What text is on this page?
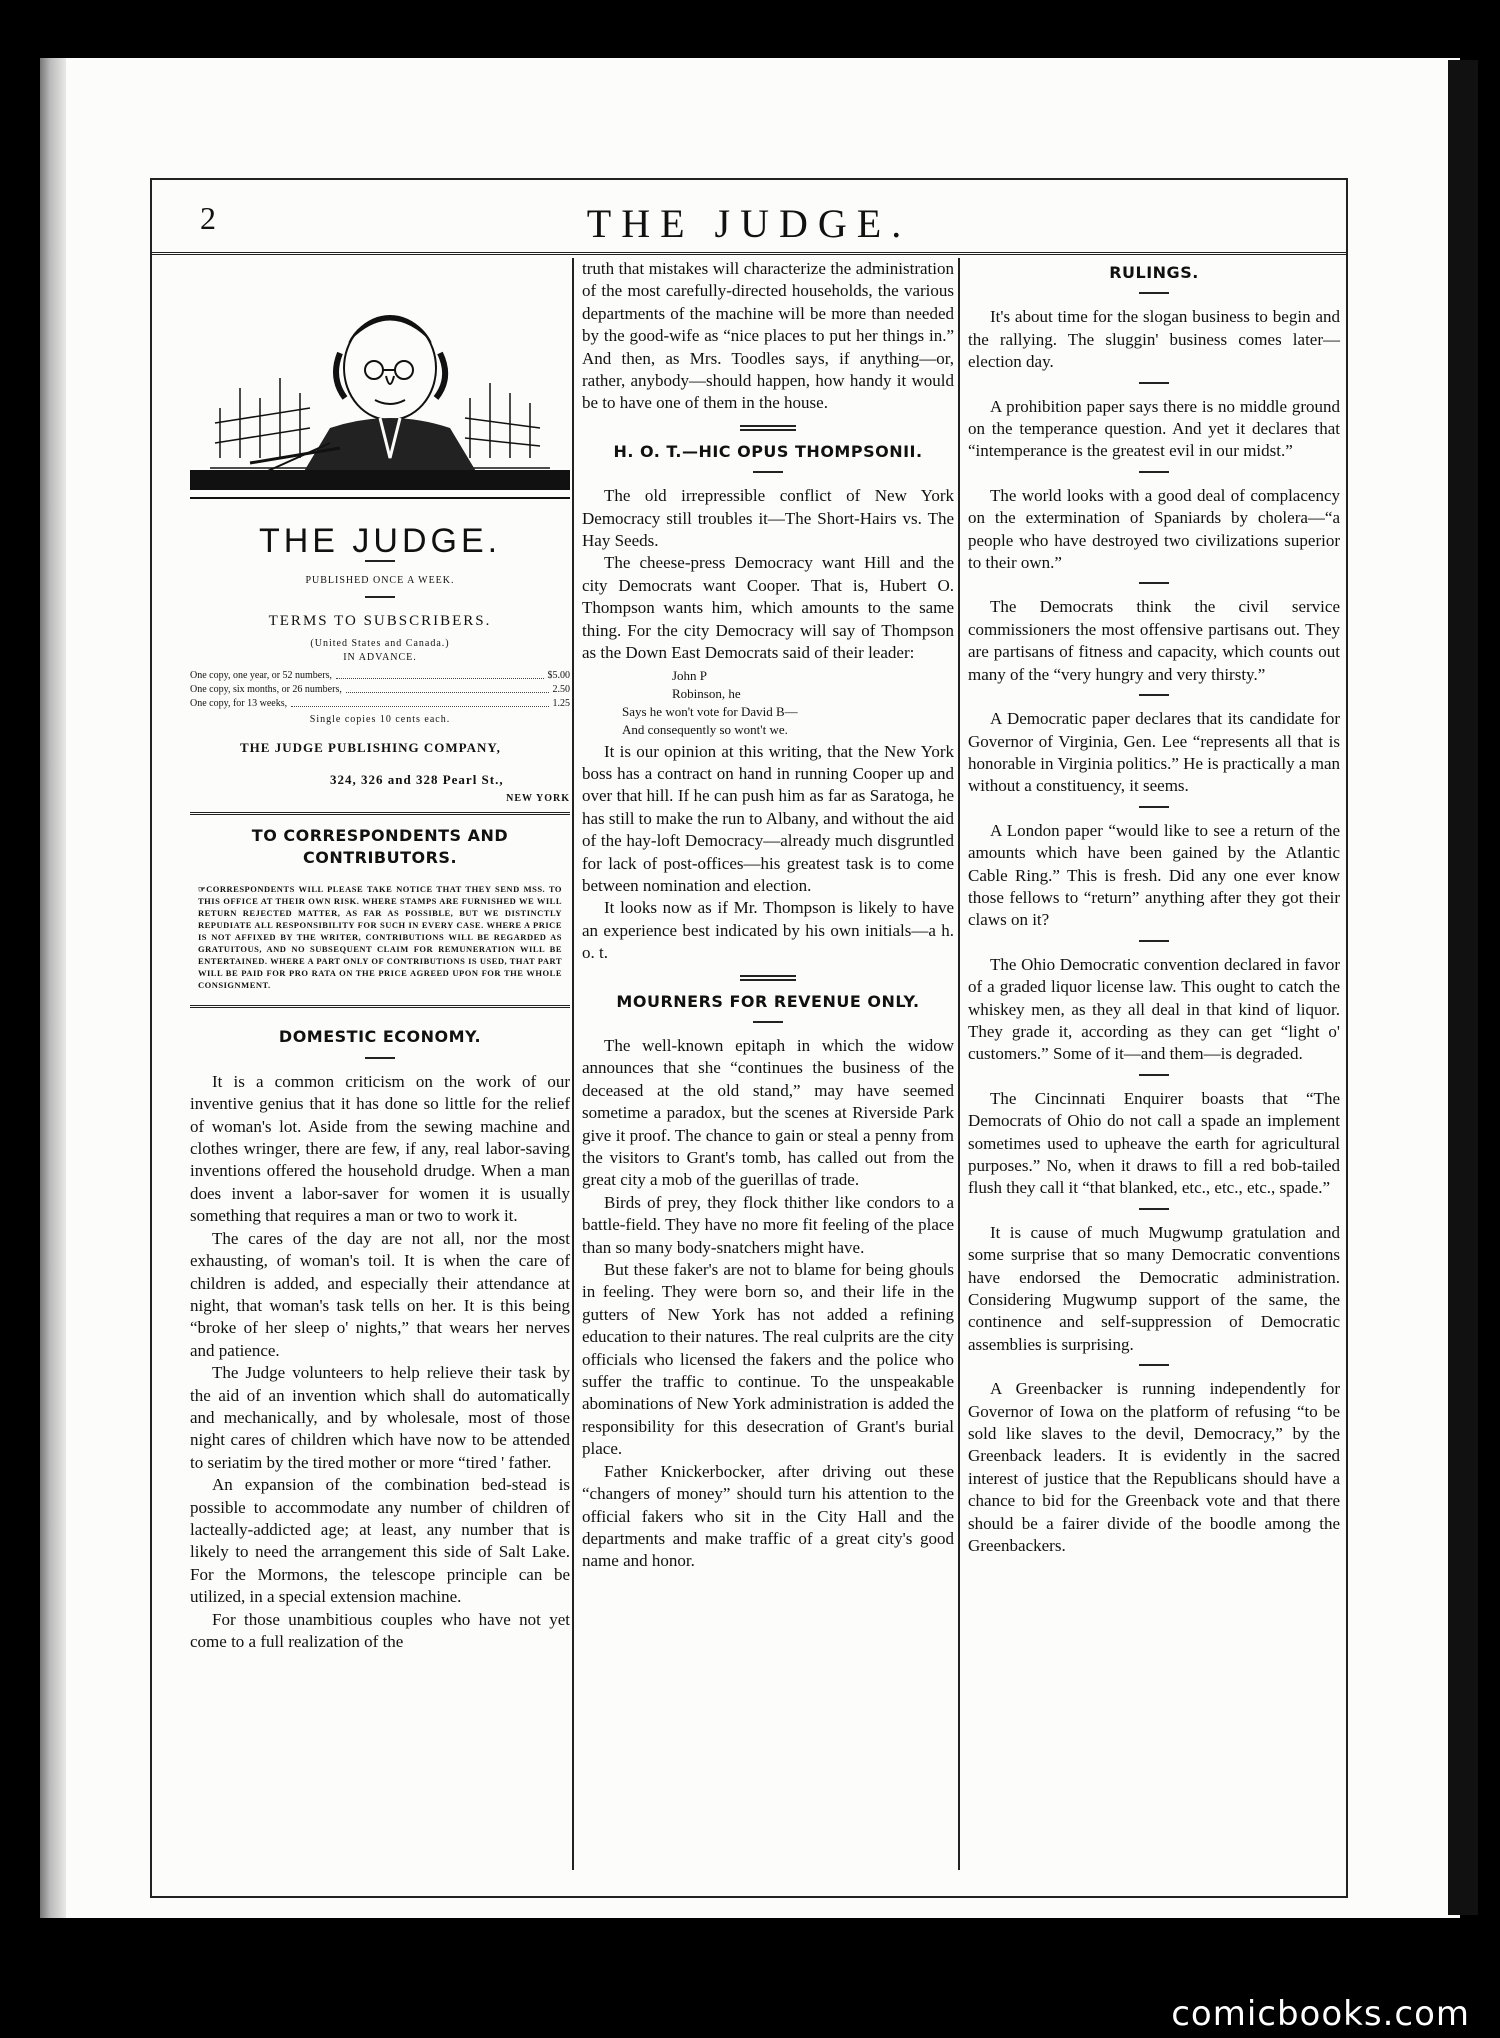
2	THE JUDGE.
THE JUDGE.
PUBLISHED ONCE A WEEK.
TERMS TO SUBSCRIBERS.
(United States and Canada.)
IN ADVANCE.
One copy, one year, or 52 numbers,	$5.00
One copy, six months, or 26 numbers,	2.50
One copy, for 13 weeks,	1.25
Single copies 10 cents each.
THE JUDGE PUBLISHING COMPANY,
324, 326 and 328 Pearl St.,
NEW YORK
TO CORRESPONDENTS AND CONTRIBUTORS.
☞CORRESPONDENTS WILL PLEASE TAKE NOTICE THAT THEY SEND MSS. TO THIS OFFICE AT THEIR OWN RISK. WHERE STAMPS ARE FURNISHED WE WILL RETURN REJECTED MATTER, AS FAR AS POSSIBLE, BUT WE DISTINCTLY REPUDIATE ALL RESPONSIBILITY FOR SUCH IN EVERY CASE. WHERE A PRICE IS NOT AFFIXED BY THE WRITER, CONTRIBUTIONS WILL BE REGARDED AS GRATUITOUS, AND NO SUBSEQUENT CLAIM FOR REMUNERATION WILL BE ENTERTAINED. WHERE A PART ONLY OF CONTRIBUTIONS IS USED, THAT PART WILL BE PAID FOR PRO RATA ON THE PRICE AGREED UPON FOR THE WHOLE CONSIGNMENT.
DOMESTIC ECONOMY.

It is a common criticism on the work of our inventive genius that it has done so little for the relief of woman's lot. Aside from the sewing machine and clothes wringer, there are few, if any, real labor-saving inventions offered the household drudge. When a man does invent a labor-saver for women it is usually something that requires a man or two to work it.

The cares of the day are not all, nor the most exhausting, of woman's toil. It is when the care of children is added, and especially their attendance at night, that woman's task tells on her. It is this being “broke of her sleep o' nights,” that wears her nerves and patience.

The Judge volunteers to help relieve their task by the aid of an invention which shall do automatically and mechanically, and by wholesale, most of those night cares of children which have now to be attended to seriatim by the tired mother or more “tired ' father.

An expansion of the combination bed-stead is possible to accommodate any number of children of lacteally-addicted age; at least, any number that is likely to need the arrangement this side of Salt Lake. For the Mormons, the telescope principle can be utilized, in a special extension machine.

For those unambitious couples who have not yet come to a full realization of the

truth that mistakes will characterize the administration of the most carefully-directed households, the various departments of the machine will be more than needed by the good-wife as “nice places to put her things in.” And then, as Mrs. Toodles says, if anything—or, rather, anybody—should happen, how handy it would be to have one of them in the house.

H. O. T.—HIC OPUS THOMPSONII.

The old irrepressible conflict of New York Democracy still troubles it—The Short-Hairs vs. The Hay Seeds.

The cheese-press Democracy want Hill and the city Democrats want Cooper. That is, Hubert O. Thompson wants him, which amounts to the same thing. For the city Democracy will say of Thompson as the Down East Democrats said of their leader:

John P
Robinson, he
Says he won't vote for David B—
And consequently so wont't we.

It is our opinion at this writing, that the New York boss has a contract on hand in running Cooper up and over that hill. If he can push him as far as Saratoga, he has still to make the run to Albany, and without the aid of the hay-loft Democracy—already much disgruntled for lack of post-offices—his greatest task is to come between nomination and election.

It looks now as if Mr. Thompson is likely to have an experience best indicated by his own initials—a h. o. t.

MOURNERS FOR REVENUE ONLY.

The well-known epitaph in which the widow announces that she “continues the business of the deceased at the old stand,” may have seemed sometime a paradox, but the scenes at Riverside Park give it proof. The chance to gain or steal a penny from the visitors to Grant's tomb, has called out from the great city a mob of the guerillas of trade.

Birds of prey, they flock thither like condors to a battle-field. They have no more fit feeling of the place than so many body-snatchers might have.

But these faker's are not to blame for being ghouls in feeling. They were born so, and their life in the gutters of New York has not added a refining education to their natures. The real culprits are the city officials who licensed the fakers and the police who suffer the traffic to continue. To the unspeakable abominations of New York administration is added the responsibility for this desecration of Grant's burial place.

Father Knickerbocker, after driving out these “changers of money” should turn his attention to the official fakers who sit in the City Hall and the departments and make traffic of a great city's good name and honor.

RULINGS.

It's about time for the slogan business to begin and the rallying. The sluggin' business comes later—election day.

A prohibition paper says there is no middle ground on the temperance question. And yet it declares that “intemperance is the greatest evil in our midst.”

The world looks with a good deal of complacency on the extermination of Spaniards by cholera—“a people who have destroyed two civilizations superior to their own.”

The Democrats think the civil service commissioners the most offensive partisans out. They are partisans of fitness and capacity, which counts out many of the “very hungry and very thirsty.”

A Democratic paper declares that its candidate for Governor of Virginia, Gen. Lee “represents all that is honorable in Virginia politics.” He is practically a man without a constituency, it seems.

A London paper “would like to see a return of the amounts which have been gained by the Atlantic Cable Ring.” This is fresh. Did any one ever know those fellows to “return” anything after they got their claws on it?

The Ohio Democratic convention declared in favor of a graded liquor license law. This ought to catch the whiskey men, as they all deal in that kind of liquor. They grade it, according as they can get “light o' customers.” Some of it—and them—is degraded.

The Cincinnati Enquirer boasts that “The Democrats of Ohio do not call a spade an implement sometimes used to upheave the earth for agricultural purposes.” No, when it draws to fill a red bob-tailed flush they call it “that blanked, etc., etc., etc., spade.”

It is cause of much Mugwump gratulation and some surprise that so many Democratic conventions have endorsed the Democratic administration. Considering Mugwump support of the same, the continence and self-suppression of Democratic assemblies is surprising.

A Greenbacker is running independently for Governor of Iowa on the platform of refusing “to be sold like slaves to the devil, Democracy,” by the Greenback leaders. It is evidently in the sacred interest of justice that the Republicans should have a chance to bid for the Greenback vote and that there should be a fairer divide of the boodle among the Greenbackers.

comicbooks.com
